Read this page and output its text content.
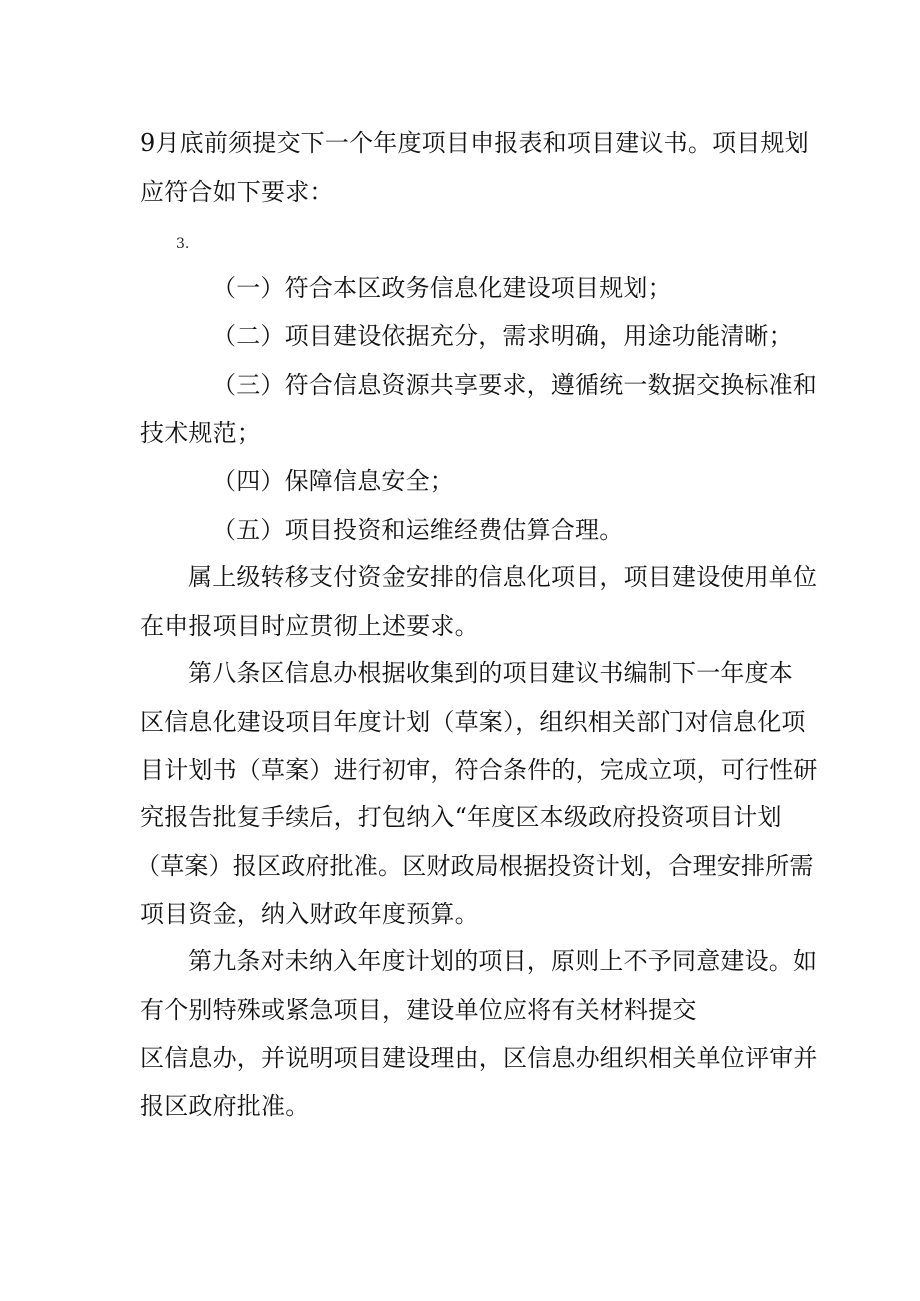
9月底前须提交下一个年度项目申报表和项目建议书。项目规划
应符合如下要求：
3.
（一）符合本区政务信息化建设项目规划；
（二）项目建设依据充分，需求明确，用途功能清晰；
（三）符合信息资源共享要求，遵循统一数据交换标准和
技术规范；
（四）保障信息安全；
（五）项目投资和运维经费估算合理。
属上级转移支付资金安排的信息化项目，项目建设使用单位
在申报项目时应贯彻上述要求。
第八条区信息办根据收集到的项目建议书编制下一年度本
区信息化建设项目年度计划（草案），组织相关部门对信息化项
目计划书（草案）进行初审，符合条件的，完成立项，可行性研
究报告批复手续后，打包纳入“年度区本级政府投资项目计划
（草案）报区政府批准。区财政局根据投资计划，合理安排所需
项目资金，纳入财政年度预算。
第九条对未纳入年度计划的项目，原则上不予同意建设。如
有个别特殊或紧急项目，建设单位应将有关材料提交
区信息办，并说明项目建设理由，区信息办组织相关单位评审并
报区政府批准。
